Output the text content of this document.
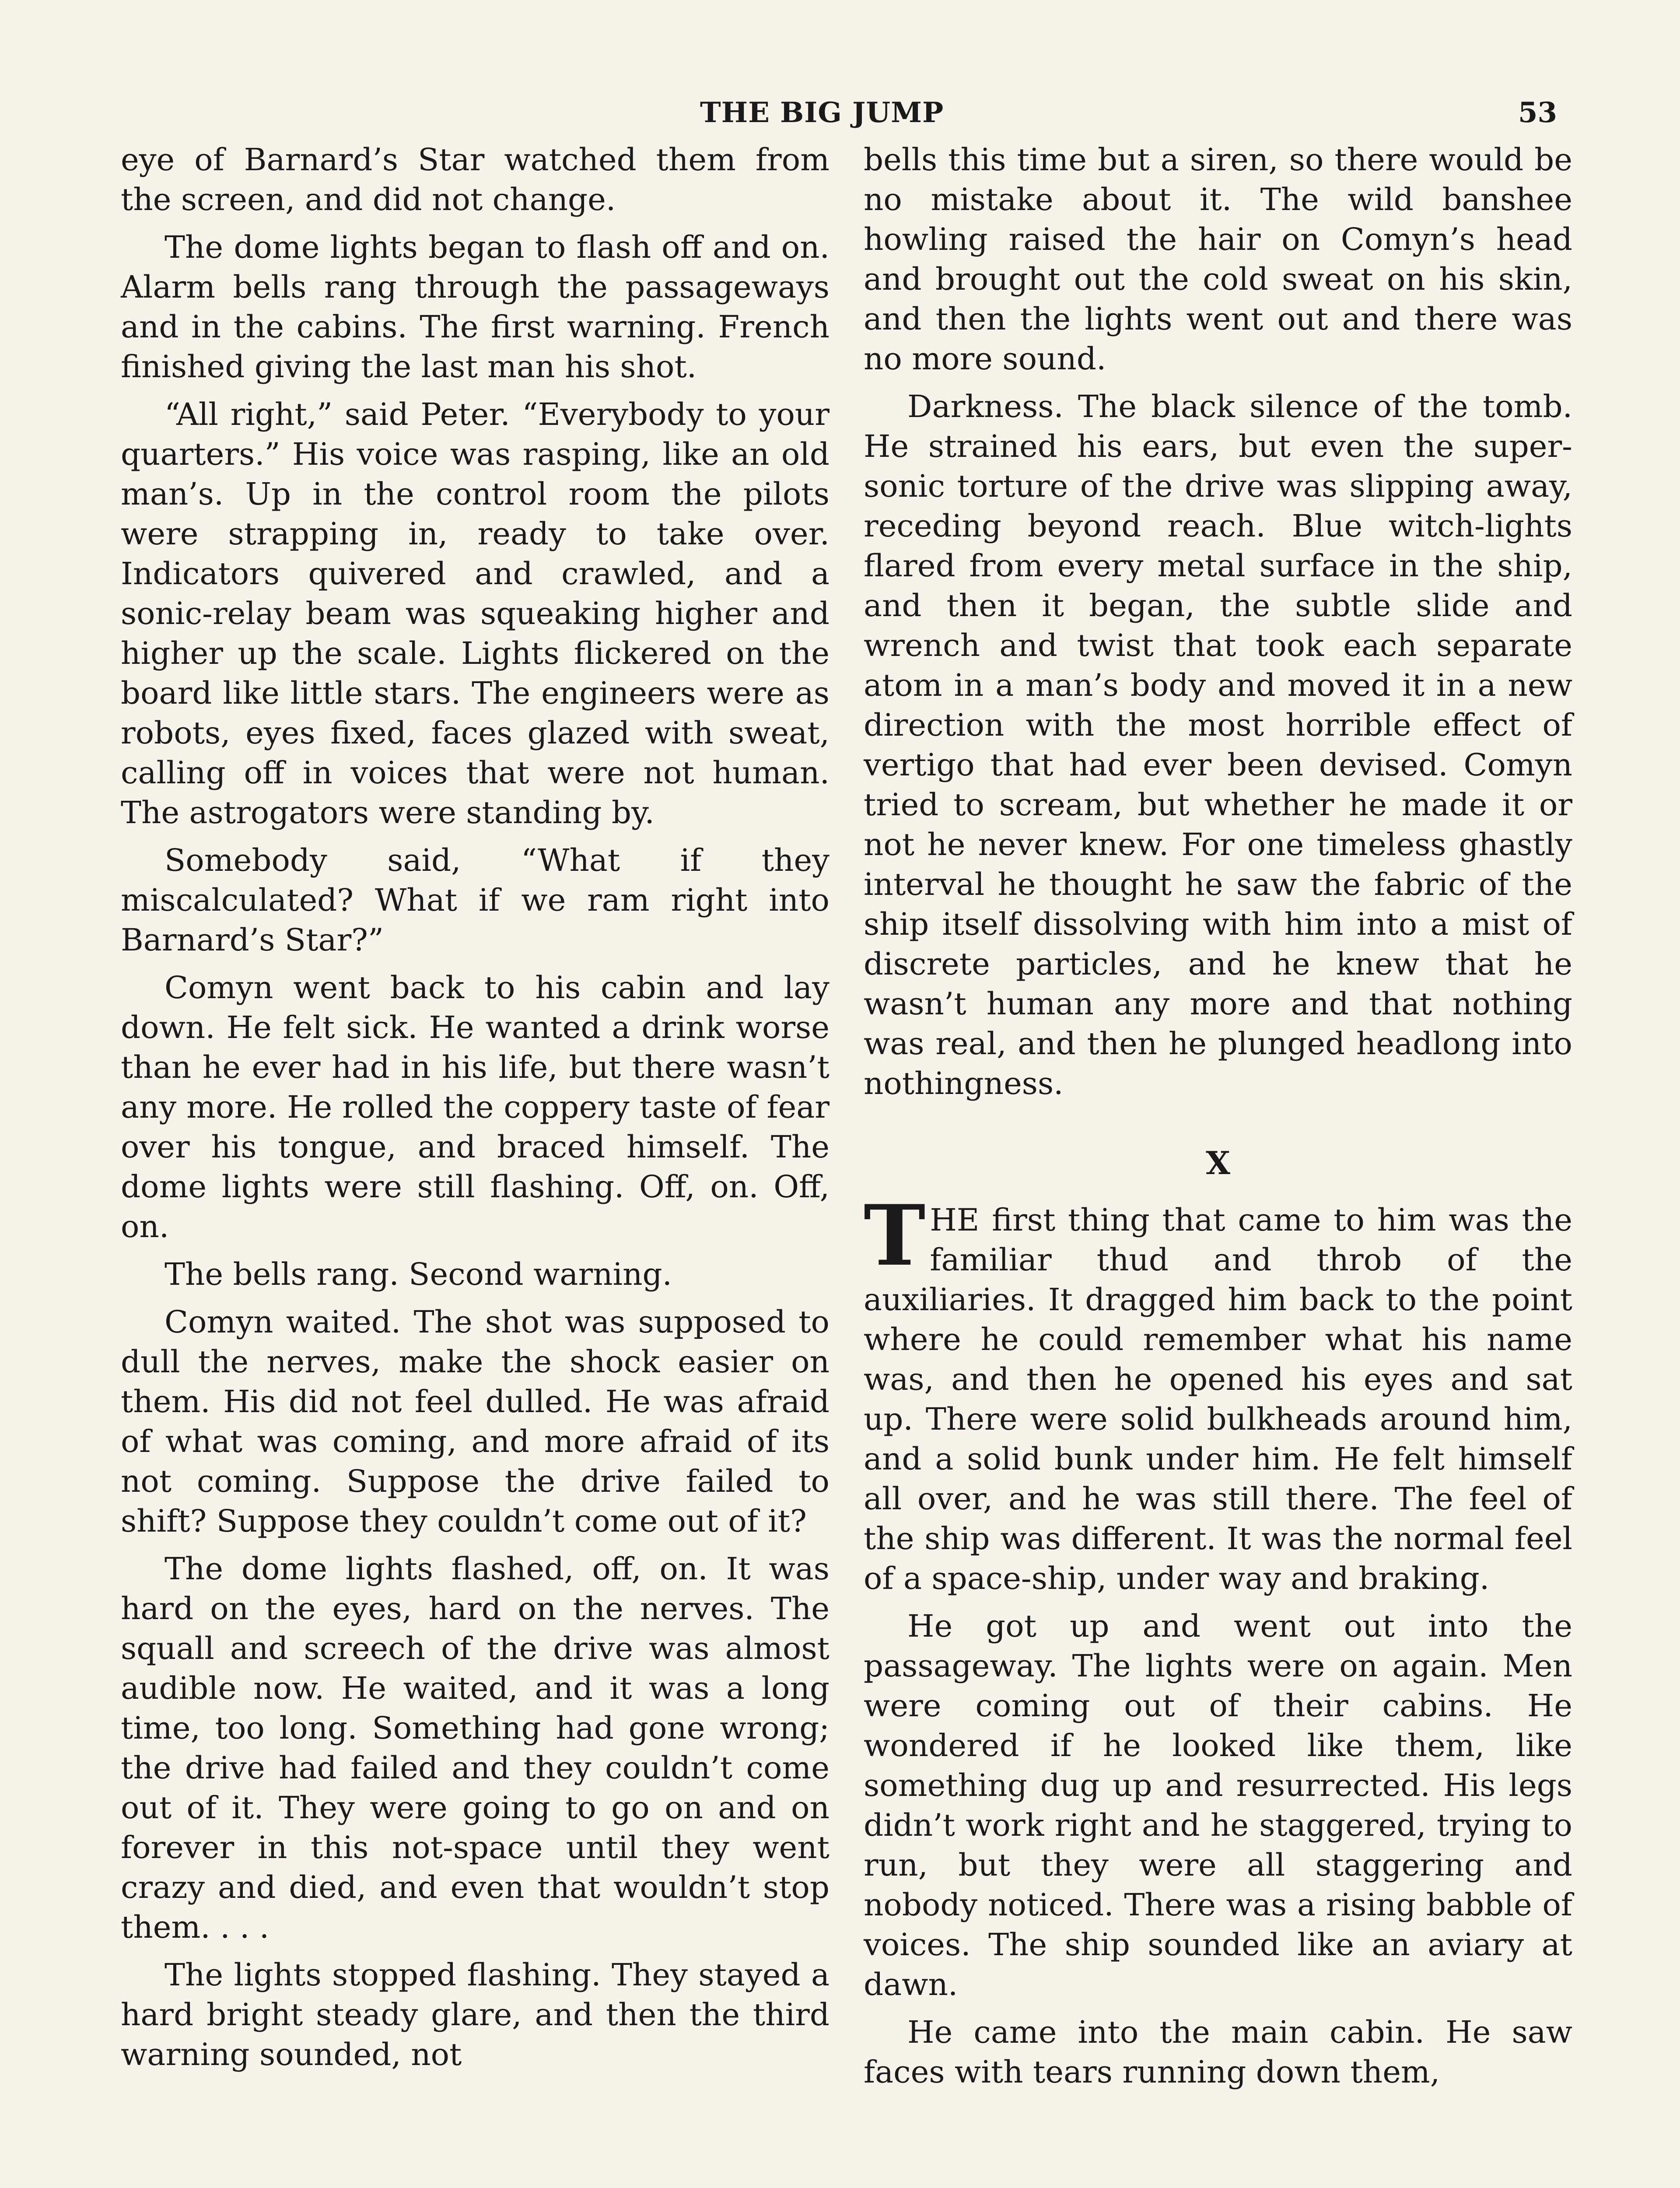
THE BIG JUMP	53

eye of Barnard’s Star watched them from the screen, and did not change.

The dome lights began to flash off and on. Alarm bells rang through the passageways and in the cabins. The first warning. French finished giving the last man his shot.

“All right,” said Peter. “Everybody to your quarters.” His voice was rasping, like an old man’s. Up in the control room the pilots were strapping in, ready to take over. Indicators quivered and crawled, and a sonic-relay beam was squeaking higher and higher up the scale. Lights flickered on the board like little stars. The engineers were as robots, eyes fixed, faces glazed with sweat, calling off in voices that were not human. The astrogators were standing by.

Somebody said, “What if they miscalculated? What if we ram right into Barnard’s Star?”

Comyn went back to his cabin and lay down. He felt sick. He wanted a drink worse than he ever had in his life, but there wasn’t any more. He rolled the coppery taste of fear over his tongue, and braced himself. The dome lights were still flashing. Off, on. Off, on.

The bells rang. Second warning.

Comyn waited. The shot was supposed to dull the nerves, make the shock easier on them. His did not feel dulled. He was afraid of what was coming, and more afraid of its not coming. Suppose the drive failed to shift? Suppose they couldn’t come out of it?

The dome lights flashed, off, on. It was hard on the eyes, hard on the nerves. The squall and screech of the drive was almost audible now. He waited, and it was a long time, too long. Something had gone wrong; the drive had failed and they couldn’t come out of it. They were going to go on and on forever in this not-space until they went crazy and died, and even that wouldn’t stop them. . . .

The lights stopped flashing. They stayed a hard bright steady glare, and then the third warning sounded, not

bells this time but a siren, so there would be no mistake about it. The wild banshee howling raised the hair on Comyn’s head and brought out the cold sweat on his skin, and then the lights went out and there was no more sound.

Darkness. The black silence of the tomb. He strained his ears, but even the super-sonic torture of the drive was slipping away, receding beyond reach. Blue witch-lights flared from every metal surface in the ship, and then it began, the subtle slide and wrench and twist that took each separate atom in a man’s body and moved it in a new direction with the most horrible effect of vertigo that had ever been devised. Comyn tried to scream, but whether he made it or not he never knew. For one timeless ghastly interval he thought he saw the fabric of the ship itself dissolving with him into a mist of discrete particles, and he knew that he wasn’t human any more and that nothing was real, and then he plunged headlong into nothingness.

X

THE first thing that came to him was the familiar thud and throb of the auxiliaries. It dragged him back to the point where he could remember what his name was, and then he opened his eyes and sat up. There were solid bulkheads around him, and a solid bunk under him. He felt himself all over, and he was still there. The feel of the ship was different. It was the normal feel of a space-ship, under way and braking.

He got up and went out into the passageway. The lights were on again. Men were coming out of their cabins. He wondered if he looked like them, like something dug up and resurrected. His legs didn’t work right and he staggered, trying to run, but they were all staggering and nobody noticed. There was a rising babble of voices. The ship sounded like an aviary at dawn.

He came into the main cabin. He saw faces with tears running down them,
